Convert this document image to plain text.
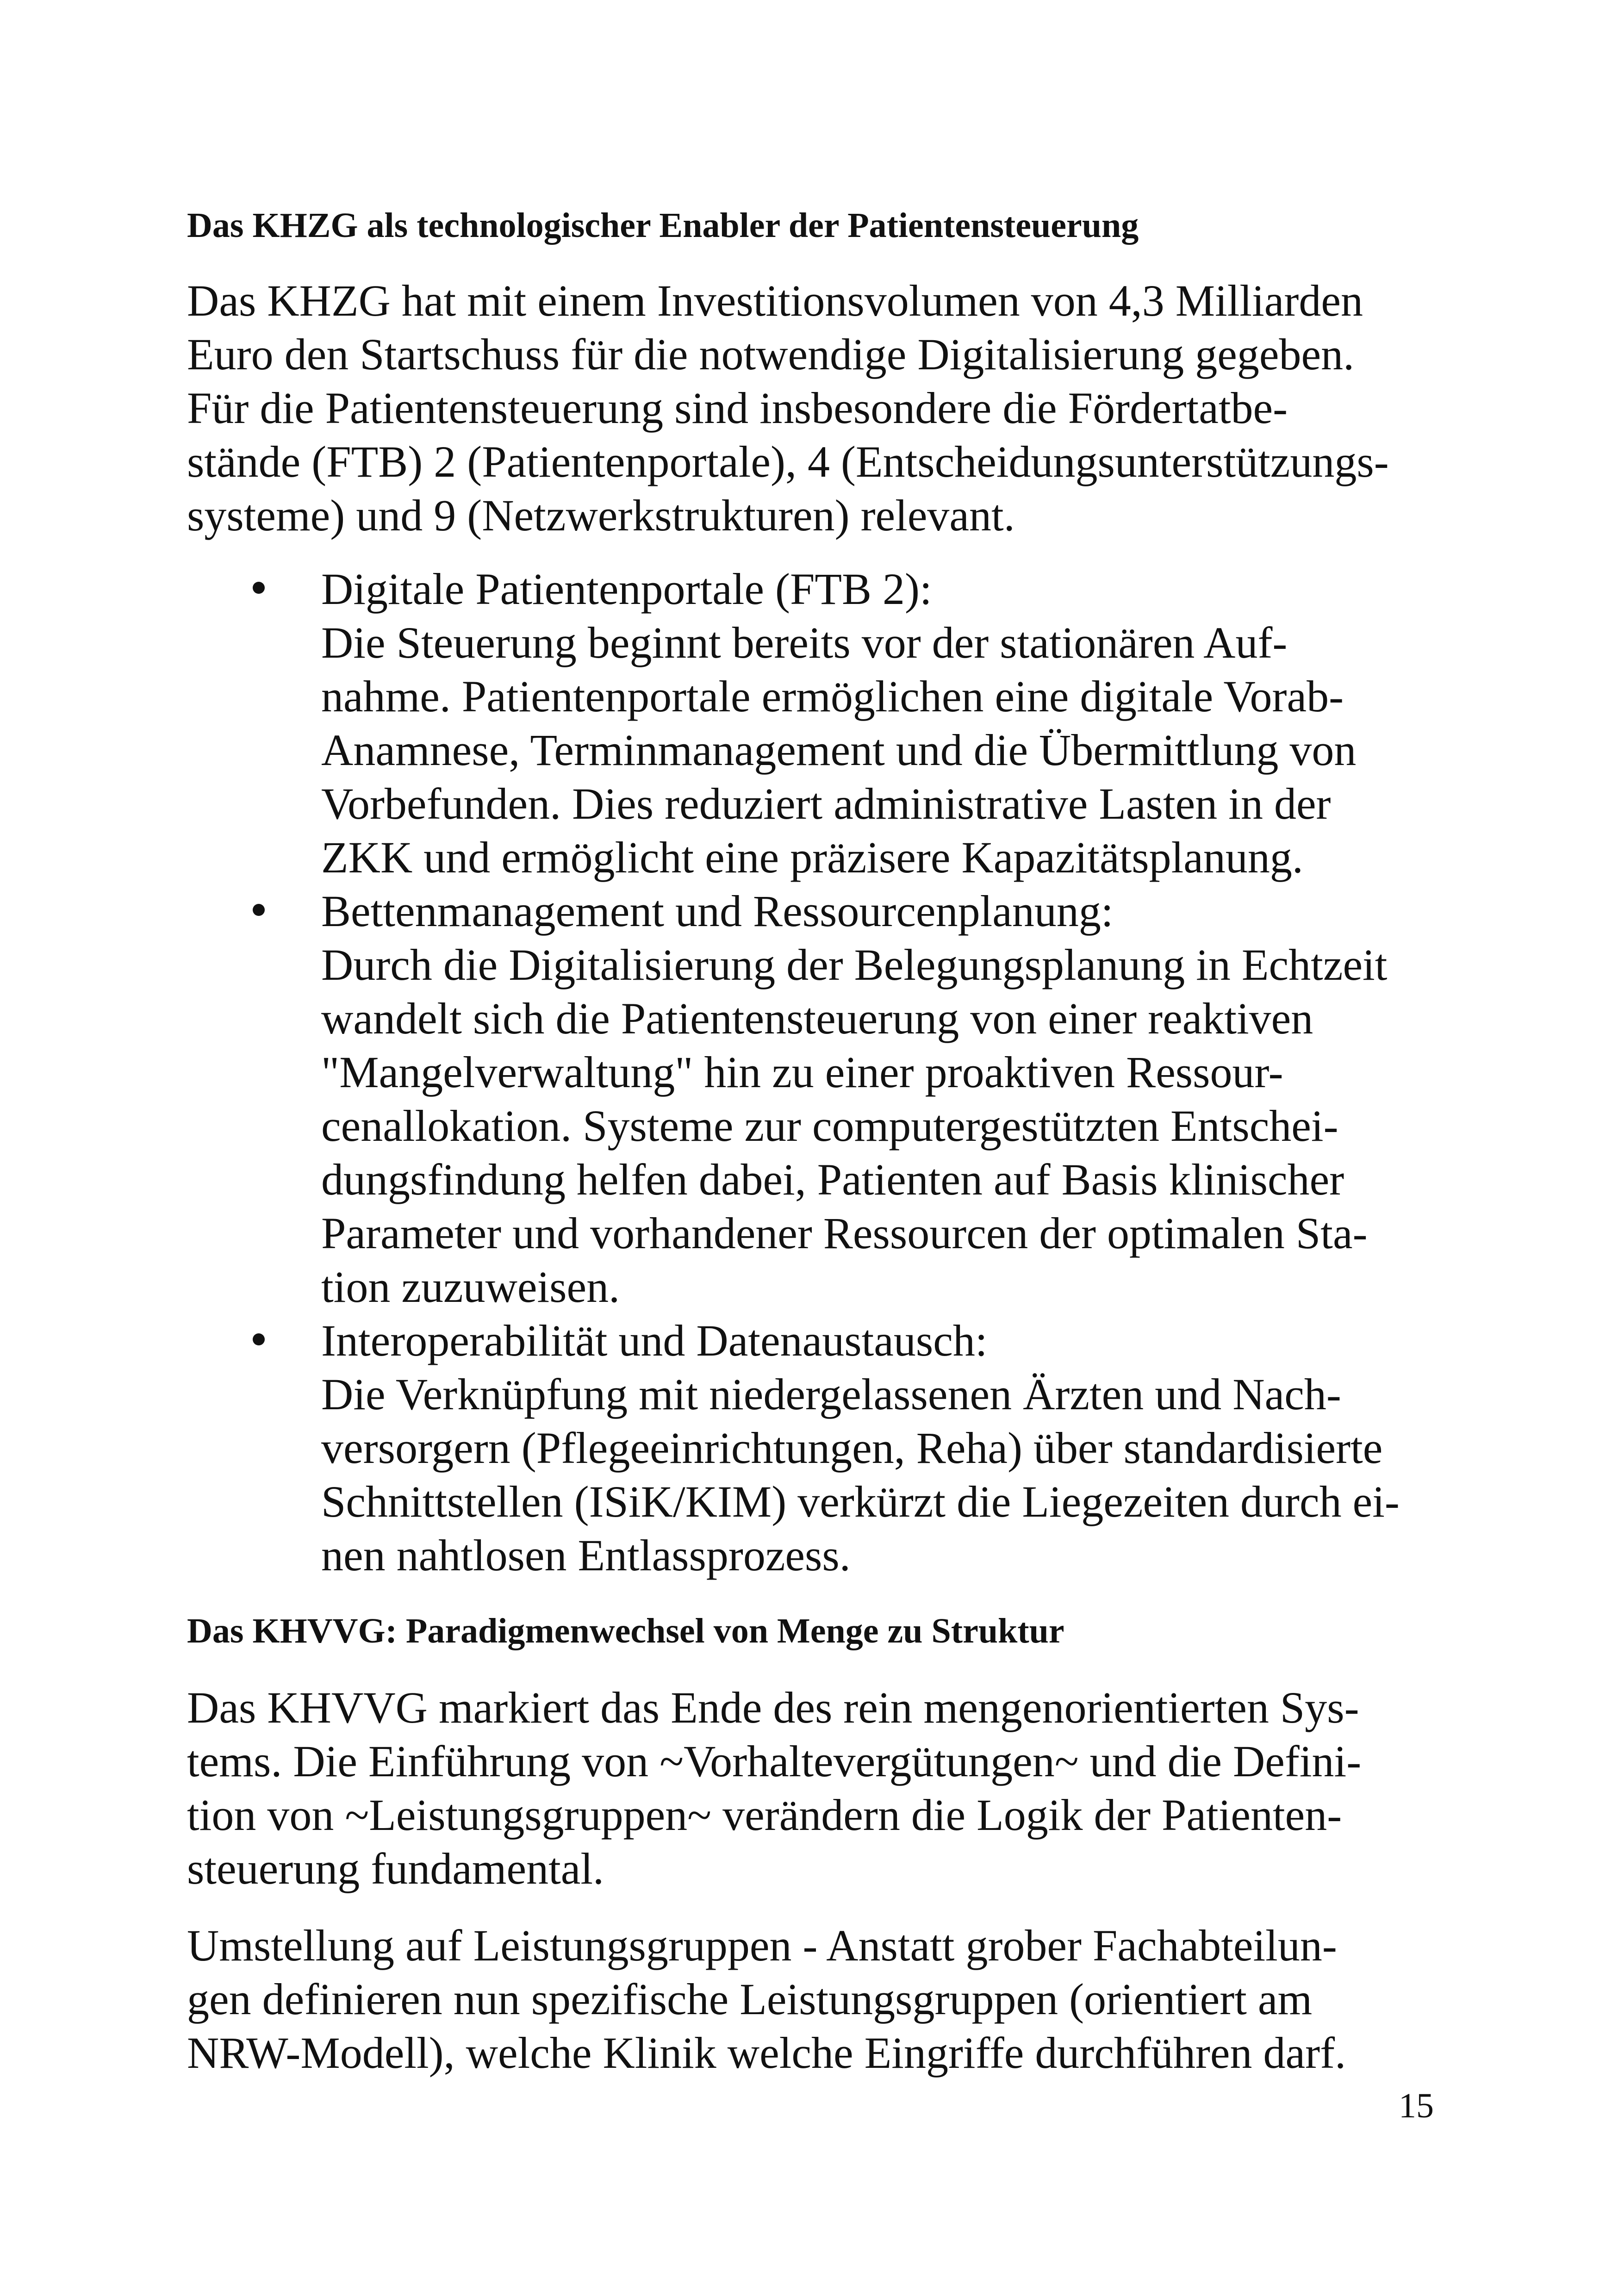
Das KHZG als technologischer Enabler der Patientensteuerung
Das KHZG hat mit einem Investitionsvolumen von 4,3 Milliarden
Euro den Startschuss für die notwendige Digitalisierung gegeben.
Für die Patientensteuerung sind insbesondere die Fördertatbe-
stände (FTB) 2 (Patientenportale), 4 (Entscheidungsunterstützungs-
systeme) und 9 (Netzwerkstrukturen) relevant.
Digitale Patientenportale (FTB 2):
Die Steuerung beginnt bereits vor der stationären Auf-
nahme. Patientenportale ermöglichen eine digitale Vorab-
Anamnese, Terminmanagement und die Übermittlung von
Vorbefunden. Dies reduziert administrative Lasten in der
ZKK und ermöglicht eine präzisere Kapazitätsplanung.
Bettenmanagement und Ressourcenplanung:
Durch die Digitalisierung der Belegungsplanung in Echtzeit
wandelt sich die Patientensteuerung von einer reaktiven
"Mangelverwaltung" hin zu einer proaktiven Ressour-
cenallokation. Systeme zur computergestützten Entschei-
dungsfindung helfen dabei, Patienten auf Basis klinischer
Parameter und vorhandener Ressourcen der optimalen Sta-
tion zuzuweisen.
Interoperabilität und Datenaustausch:
Die Verknüpfung mit niedergelassenen Ärzten und Nach-
versorgern (Pflegeeinrichtungen, Reha) über standardisierte
Schnittstellen (ISiK/KIM) verkürzt die Liegezeiten durch ei-
nen nahtlosen Entlassprozess.
Das KHVVG: Paradigmenwechsel von Menge zu Struktur
Das KHVVG markiert das Ende des rein mengenorientierten Sys-
tems. Die Einführung von ~Vorhaltevergütungen~ und die Defini-
tion von ~Leistungsgruppen~ verändern die Logik der Patienten-
steuerung fundamental.
Umstellung auf Leistungsgruppen - Anstatt grober Fachabteilun-
gen definieren nun spezifische Leistungsgruppen (orientiert am
NRW-Modell), welche Klinik welche Eingriffe durchführen darf.
15
